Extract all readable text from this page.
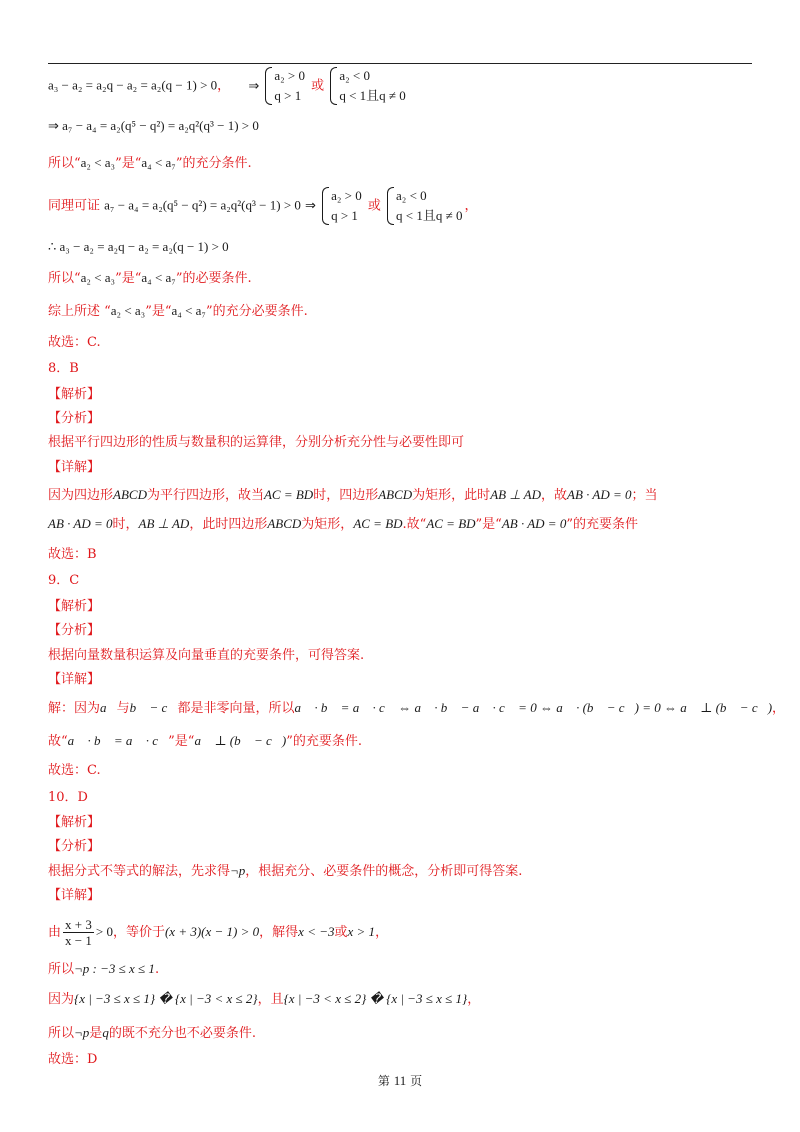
a₃ − a₂ = a₂q − a₂ = a₂(q − 1) > 0， ⇒
a₂ > 0
q > 1
或
a₂ < 0
q < 1且q ≠ 0
⇒ a₇ − a₄ = a₂(q⁵ − q²) = a₂q²(q³ − 1) > 0
所以“a₂ < a₃”是“a₄ < a₇”的充分条件.
同理可证 a₇ − a₄ = a₂(q⁵ − q²) = a₂q²(q³ − 1) > 0 ⇒
a₂ > 0
q > 1
或
a₂ < 0
q < 1且q ≠ 0
，
∴ a₃ − a₂ = a₂q − a₂ = a₂(q − 1) > 0
所以“a₂ < a₃”是“a₄ < a₇”的必要条件.
综上所述 “a₂ < a₃”是“a₄ < a₇”的充分必要条件.
故选：C.
8．B
【解析】
【分析】
根据平行四边形的性质与数量积的运算律，分别分析充分性与必要性即可
【详解】
因为四边形ABCD为平行四边形，故当AC = BD时，四边形ABCD为矩形，此时AB ⊥ AD，故AB · AD = 0；当
AB · AD = 0时，AB ⊥ AD，此时四边形ABCD为矩形，AC = BD.故“AC = BD”是“AB · AD = 0”的充要条件
故选：B
9．C
【解析】
【分析】
根据向量数量积运算及向量垂直的充要条件，可得答案.
【详解】
解：因为a⃗与b⃗ − c⃗都是非零向量，所以a⃗ · b⃗ = a⃗ · c⃗ ⇔ a⃗ · b⃗ − a⃗ · c⃗ = 0 ⇔ a⃗ · (b⃗ − c⃗) = 0 ⇔ a⃗ ⊥ (b⃗ − c⃗)，
故“a⃗ · b⃗ = a⃗ · c⃗”是“a⃗ ⊥ (b⃗ − c⃗)”的充要条件.
故选：C.
10．D
【解析】
【分析】
根据分式不等式的解法，先求得¬p，根据充分、必要条件的概念，分析即可得答案.
【详解】
由 $\frac{x + 3}{x - 1} > 0$，等价于(x + 3)(x − 1) > 0，解得x < −3或x > 1，
所以¬p : −3 ≤ x ≤ 1.
因为{x | −3 ≤ x ≤ 1} � {x | −3 < x ≤ 2}，且{x | −3 < x ≤ 2} � {x | −3 ≤ x ≤ 1}，
所以¬p是q的既不充分也不必要条件.
故选：D
第 11 页
